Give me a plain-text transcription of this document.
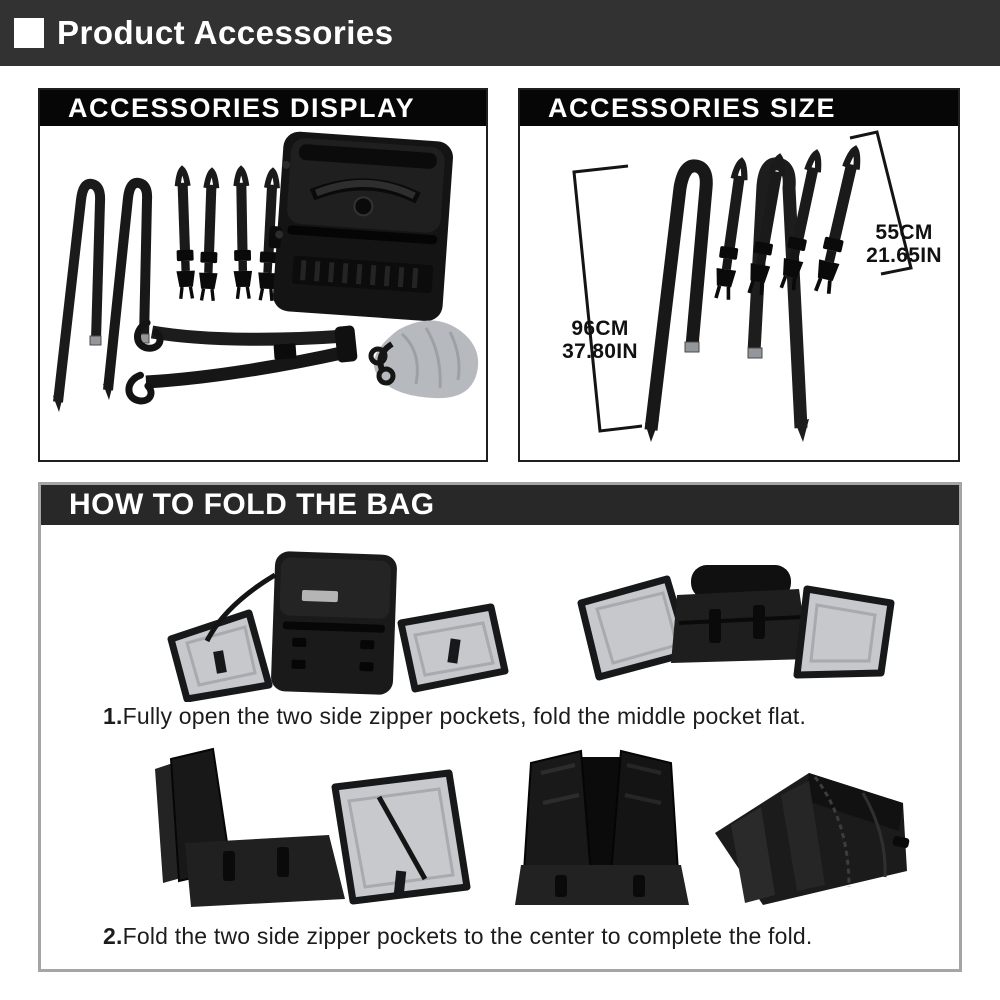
Product Accessories
ACCESSORIES DISPLAY	ACCESSORIES SIZE
96CM
37.80IN
55CM
21.65IN
HOW TO FOLD THE BAG
1.Fully open the two side zipper pockets, fold the middle pocket flat.
2.Fold the two side zipper pockets to the center to complete the fold.
